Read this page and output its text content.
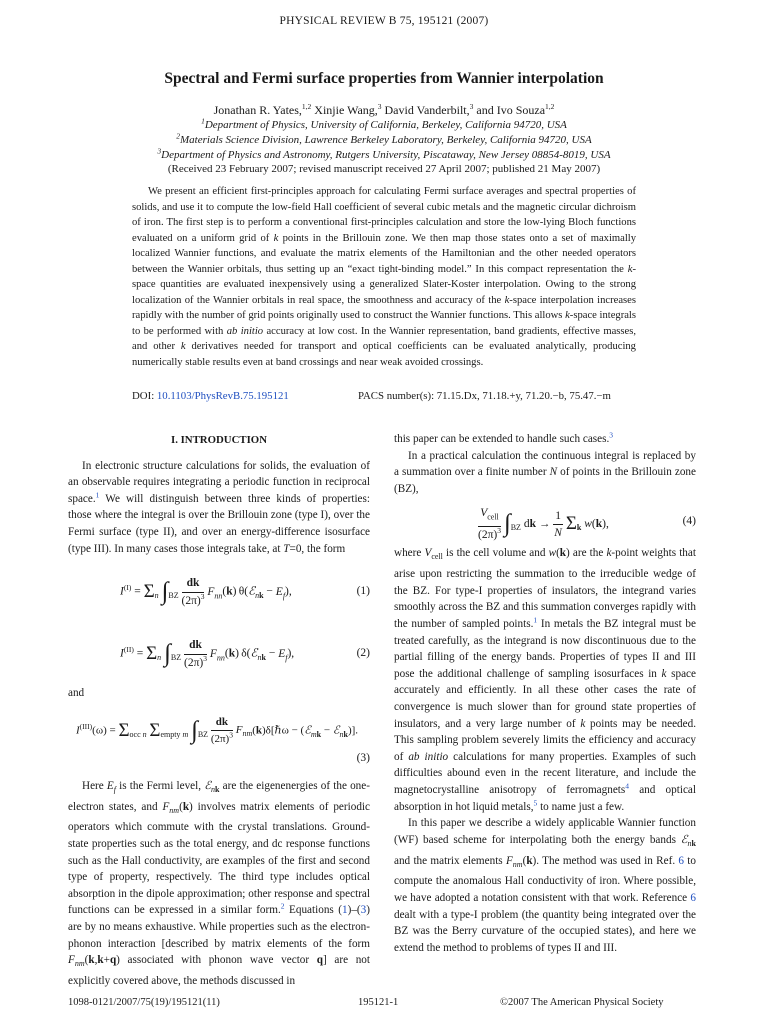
PHYSICAL REVIEW B 75, 195121 (2007)
Spectral and Fermi surface properties from Wannier interpolation
Jonathan R. Yates,$^{1,2}$ Xinjie Wang,$^3$ David Vanderbilt,$^3$ and Ivo Souza$^{1,2}$
$^1$Department of Physics, University of California, Berkeley, California 94720, USA
$^2$Materials Science Division, Lawrence Berkeley Laboratory, Berkeley, California 94720, USA
$^3$Department of Physics and Astronomy, Rutgers University, Piscataway, New Jersey 08854-8019, USA
(Received 23 February 2007; revised manuscript received 27 April 2007; published 21 May 2007)

We present an efficient first-principles approach for calculating Fermi surface averages and spectral properties of solids, and use it to compute the low-field Hall coefficient of several cubic metals and the magnetic circular dichroism of iron. The first step is to perform a conventional first-principles calculation and store the low-lying Bloch functions evaluated on a uniform grid of k points in the Brillouin zone. We then map those states onto a set of maximally localized Wannier functions, and evaluate the matrix elements of the Hamiltonian and the other needed operators between the Wannier orbitals, thus setting up an “exact tight-binding model.” In this compact representation the k-space quantities are evaluated inexpensively using a generalized Slater-Koster interpolation. Owing to the strong localization of the Wannier orbitals in real space, the smoothness and accuracy of the k-space interpolation increases rapidly with the number of grid points originally used to construct the Wannier functions. This allows k-space integrals to be performed with ab initio accuracy at low cost. In the Wannier representation, band gradients, effective masses, and other k derivatives needed for transport and optical coefficients can be evaluated analytically, producing numerically stable results even at band crossings and near weak avoided crossings.

DOI: 10.1103/PhysRevB.75.195121	PACS number(s): 71.15.Dx, 71.18.+y, 71.20.−b, 75.47.−m
I. INTRODUCTION

In electronic structure calculations for solids, the evaluation of an observable requires integrating a periodic function in reciprocal space.$^1$ We will distinguish between three kinds of properties: those where the integral is over the Brillouin zone (type I), over the Fermi surface (type II), and over an energy-difference isosurface (type III). In many cases those integrals take, at T=0, the form

$I^{(I)} = \Sigma_n$ $\int_{BZ} \frac{dk}{(2\pi)^3} F_{nn}(k)$ θ(ℰ$_{nk}$ − $E_f$),	(1)
$I^{(II)} = \Sigma_n$ $\int_{BZ} \frac{dk}{(2\pi)^3} F_{nn}(k)$ δ(ℰ$_{nk}$ − $E_f$),	(2)

and

$I^{(III)}(\omega) = \Sigma_{occ n}$ $\Sigma_{empty m}$ $\int_{BZ} \frac{dk}{(2\pi)^3}$ $F_{nm}(k)\delta[\hbar\omega$ − (ℰ$_{mk}$ − ℰ$_{nk}$)].
(3)

Here $E_f$ is the Fermi level, ℰ$_{nk}$ are the eigenenergies of the one-electron states, and $F_{nm}(k)$ involves matrix elements of periodic operators which commute with the crystal translations. Ground-state properties such as the total energy, and dc response functions such as the Hall conductivity, are examples of the first and second type of property, respectively. The third type includes optical absorption in the dipole approximation; other response and spectral functions can be expressed in a similar form.$^2$ Equations (1)–(3) are by no means exhaustive. While properties such as the electron-phonon interaction [described by matrix elements of the form $F_{nm}(k,k+q)$ associated with phonon wave vector q] are not explicitly covered above, the methods discussed in

this paper can be extended to handle such cases.$^3$

In a practical calculation the continuous integral is replaced by a summation over a finite number N of points in the Brillouin zone (BZ),

$\frac{V_{cell}}{(2\pi)^3} \int_{BZ}$ dk → $\frac{1}{N} \Sigma_k$ w(k),	(4)

where $V_{cell}$ is the cell volume and w(k) are the k-point weights that arise upon restricting the summation to the irreducible wedge of the BZ. For type-I properties of insulators, the integrand varies smoothly across the BZ and this summation converges rapidly with the number of sampled points.$^1$ In metals the BZ integral must be treated carefully, as the integrand is now discontinuous due to the partial filling of the energy bands. Properties of types II and III pose the additional challenge of sampling isosurfaces in k space accurately and efficiently. In all these other cases the rate of convergence is much slower than for ground state properties of insulators, and a very large number of k points may be needed. This sampling problem severely limits the efficiency and accuracy of ab initio calculations for many properties. Examples of such difficulties abound even in the recent literature, and include the magnetocrystalline anisotropy of ferromagnets$^4$ and optical absorption in hot liquid metals,$^5$ to name just a few.

In this paper we describe a widely applicable Wannier function (WF) based scheme for interpolating both the energy bands ℰ$_{nk}$ and the matrix elements $F_{nm}(k)$. The method was used in Ref. 6 to compute the anomalous Hall conductivity of iron. Where possible, we have adopted a notation consistent with that work. Reference 6 dealt with a type-I problem (the quantity being integrated over the BZ was the Berry curvature of the occupied states), and here we extend the method to problems of types II and III.

1098-0121/2007/75(19)/195121(11)	195121-1	©2007 The American Physical Society
